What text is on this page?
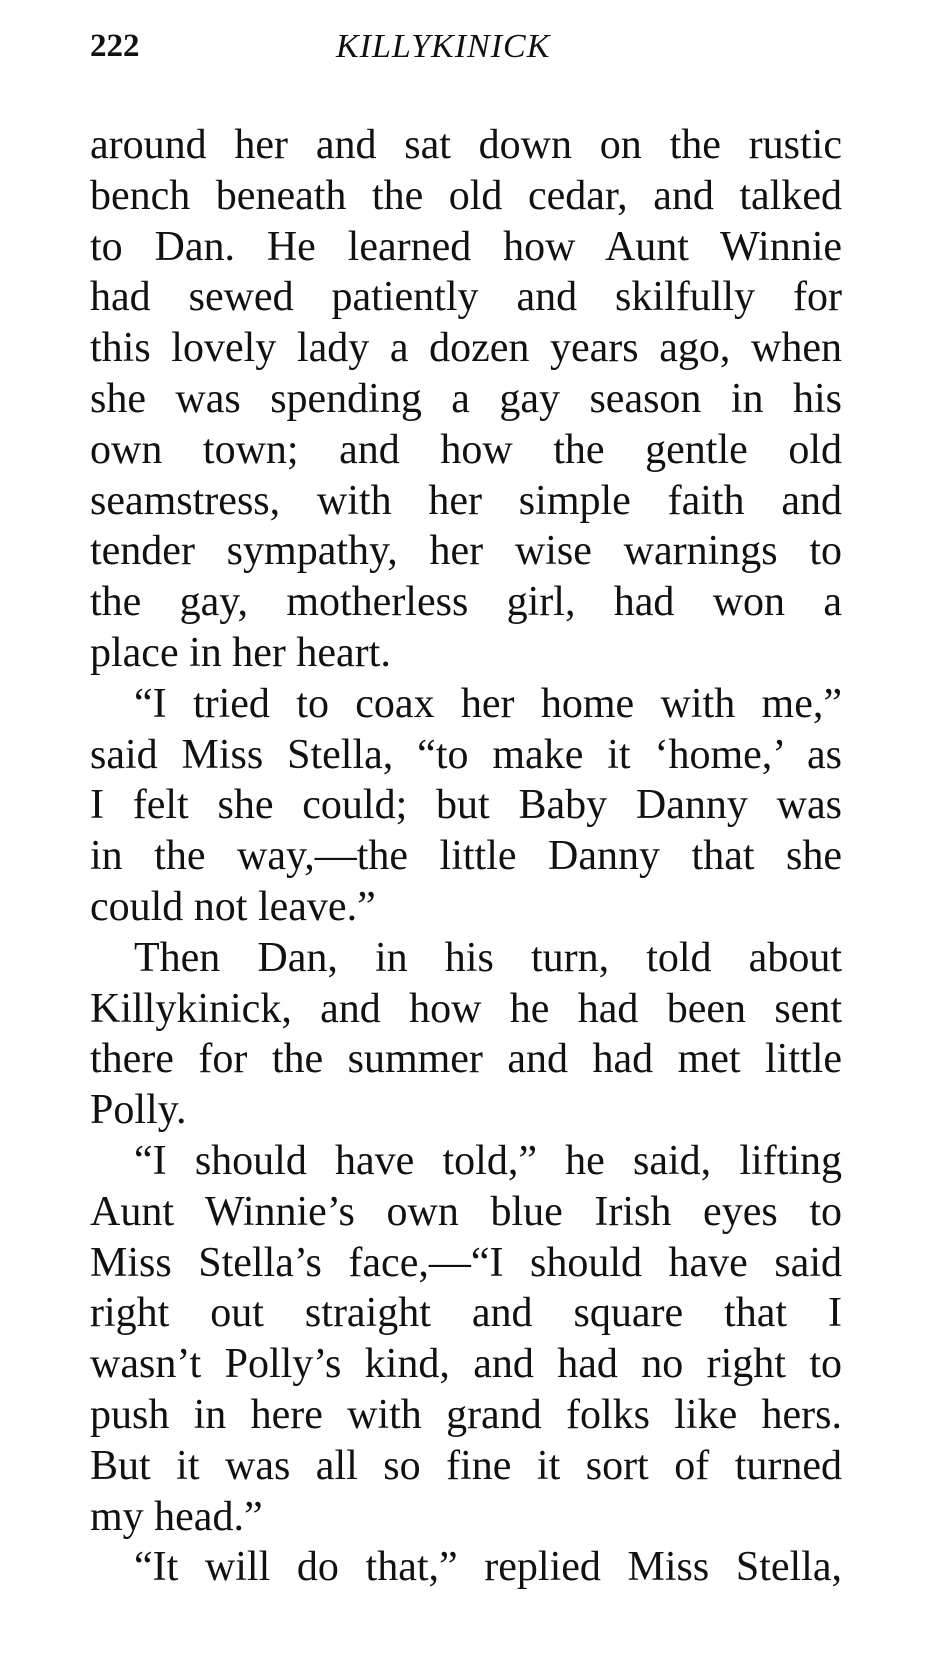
222	KILLYKINICK
around her and sat down on the rustic
bench beneath the old cedar, and talked
to Dan. He learned how Aunt Winnie
had sewed patiently and skilfully for
this lovely lady a dozen years ago, when
she was spending a gay season in his
own town; and how the gentle old
seamstress, with her simple faith and
tender sympathy, her wise warnings to
the gay, motherless girl, had won a
place in her heart.
“I tried to coax her home with me,”
said Miss Stella, “to make it ‘home,’ as
I felt she could; but Baby Danny was
in the way,—the little Danny that she
could not leave.”
Then Dan, in his turn, told about
Killykinick, and how he had been sent
there for the summer and had met little
Polly.
“I should have told,” he said, lifting
Aunt Winnie’s own blue Irish eyes to
Miss Stella’s face,—“I should have said
right out straight and square that I
wasn’t Polly’s kind, and had no right to
push in here with grand folks like hers.
But it was all so fine it sort of turned
my head.”
“It will do that,” replied Miss Stella,
